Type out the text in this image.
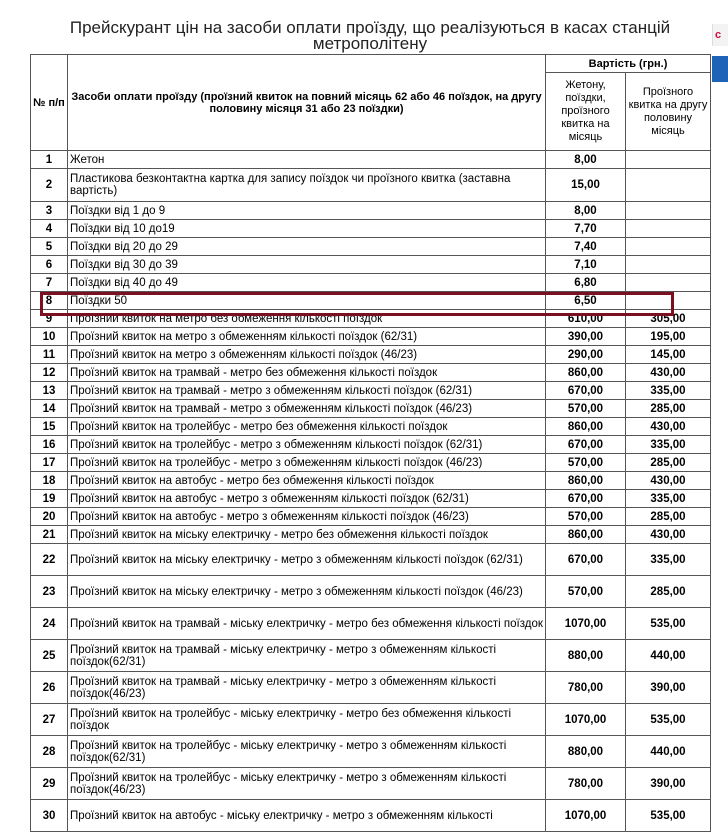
Прейскурант цін на засоби оплати проїзду, що реалізуються в касах станцій метрополітену	с
№ п/п	Засоби оплати проїзду (проїзний квиток на повний місяць 62 або 46 поїздок, на другу половину місяця 31 або 23 поїздки)	Вартість (грн.)	
		Жетону, поїздки, проїзного квитка на місяць	Проїзного квитка на другу половину місяць
1	Жетон	8,00	
2	Пластикова безконтактна картка для запису поїздок чи проїзного квитка (заставна вартість)	15,00	
3	Поїздки від 1 до 9	8,00	
4	Поїздки від 10 до19	7,70	
5	Поїздки від 20 до 29	7,40	
6	Поїздки від 30 до 39	7,10	
7	Поїздки від 40 до 49	6,80	
8	Поїздки 50	6,50	
9	Проїзний квиток на метро без обмеження кількості поїздок	610,00	305,00
10	Проїзний квиток на метро з обмеженням кількості поїздок (62/31)	390,00	195,00
11	Проїзний квиток на метро з обмеженням кількості поїздок (46/23)	290,00	145,00
12	Проїзний квиток на трамвай - метро без обмеження кількості поїздок	860,00	430,00
13	Проїзний квиток на трамвай - метро з обмеженням кількості поїздок (62/31)	670,00	335,00
14	Проїзний квиток на трамвай - метро з обмеженням кількості поїздок (46/23)	570,00	285,00
15	Проїзний квиток на тролейбус - метро без обмеження кількості поїздок	860,00	430,00
16	Проїзний квиток на тролейбус - метро з обмеженням кількості поїздок (62/31)	670,00	335,00
17	Проїзний квиток на тролейбус - метро з обмеженням кількості поїздок (46/23)	570,00	285,00
18	Проїзний квиток на автобус - метро без обмеження кількості поїздок	860,00	430,00
19	Проїзний квиток на автобус - метро з обмеженням кількості поїздок (62/31)	670,00	335,00
20	Проїзний квиток на автобус - метро з обмеженням кількості поїздок (46/23)	570,00	285,00
21	Проїзний квиток на міську електричку - метро без обмеження кількості поїздок	860,00	430,00
22	Проїзний квиток на міську електричку - метро з обмеженням кількості поїздок (62/31)	670,00	335,00
23	Проїзний квиток на міську електричку - метро з обмеженням кількості поїздок (46/23)	570,00	285,00
24	Проїзний квиток на трамвай - міську електричку - метро без обмеження кількості поїздок	1070,00	535,00
25	Проїзний квиток на трамвай - міську електричку - метро з обмеженням кількості поїздок(62/31)	880,00	440,00
26	Проїзний квиток на трамвай - міську електричку - метро з обмеженням кількості поїздок(46/23)	780,00	390,00
27	Проїзний квиток на тролейбус - міську електричку - метро без обмеження кількості поїздок	1070,00	535,00
28	Проїзний квиток на тролейбус - міську електричку - метро з обмеженням кількості поїздок(62/31)	880,00	440,00
29	Проїзний квиток на тролейбус - міську електричку - метро з обмеженням кількості поїздок(46/23)	780,00	390,00
30	Проїзний квиток на автобус - міську електричку - метро з обмеженням кількості	1070,00	535,00
